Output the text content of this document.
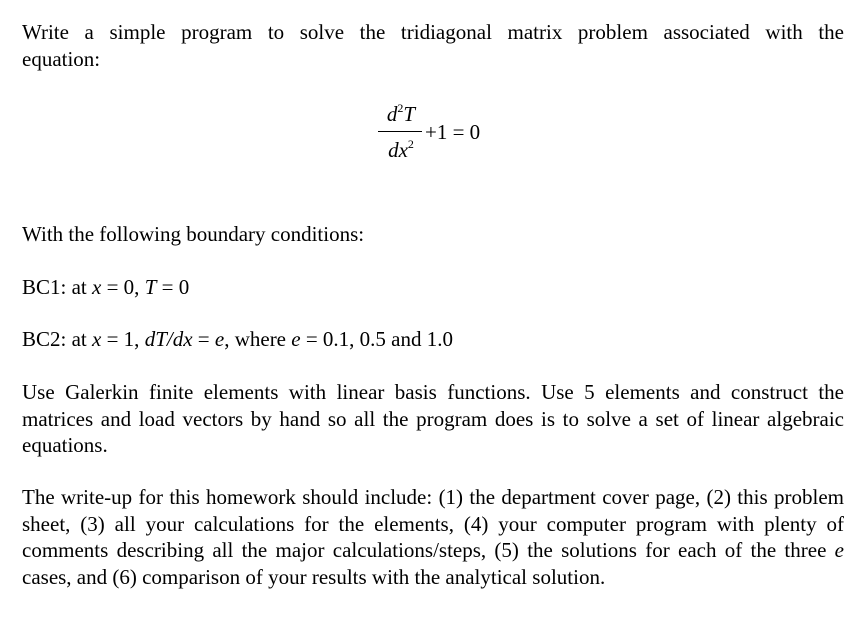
Write a simple program to solve the tridiagonal matrix problem associated with the
equation:

$d^2T$
$dx^2 +1 = 0$

With the following boundary conditions:

BC1: at x = 0, T = 0

BC2: at x = 1, dT/dx = e, where e = 0.1, 0.5 and 1.0

Use Galerkin finite elements with linear basis functions. Use 5 elements and construct the matrices and load vectors by hand so all the program does is to solve a set of linear algebraic equations.

The write-up for this homework should include: (1) the department cover page, (2) this problem sheet, (3) all your calculations for the elements, (4) your computer program with plenty of comments describing all the major calculations/steps, (5) the solutions for each of the three e cases, and (6) comparison of your results with the analytical solution.
